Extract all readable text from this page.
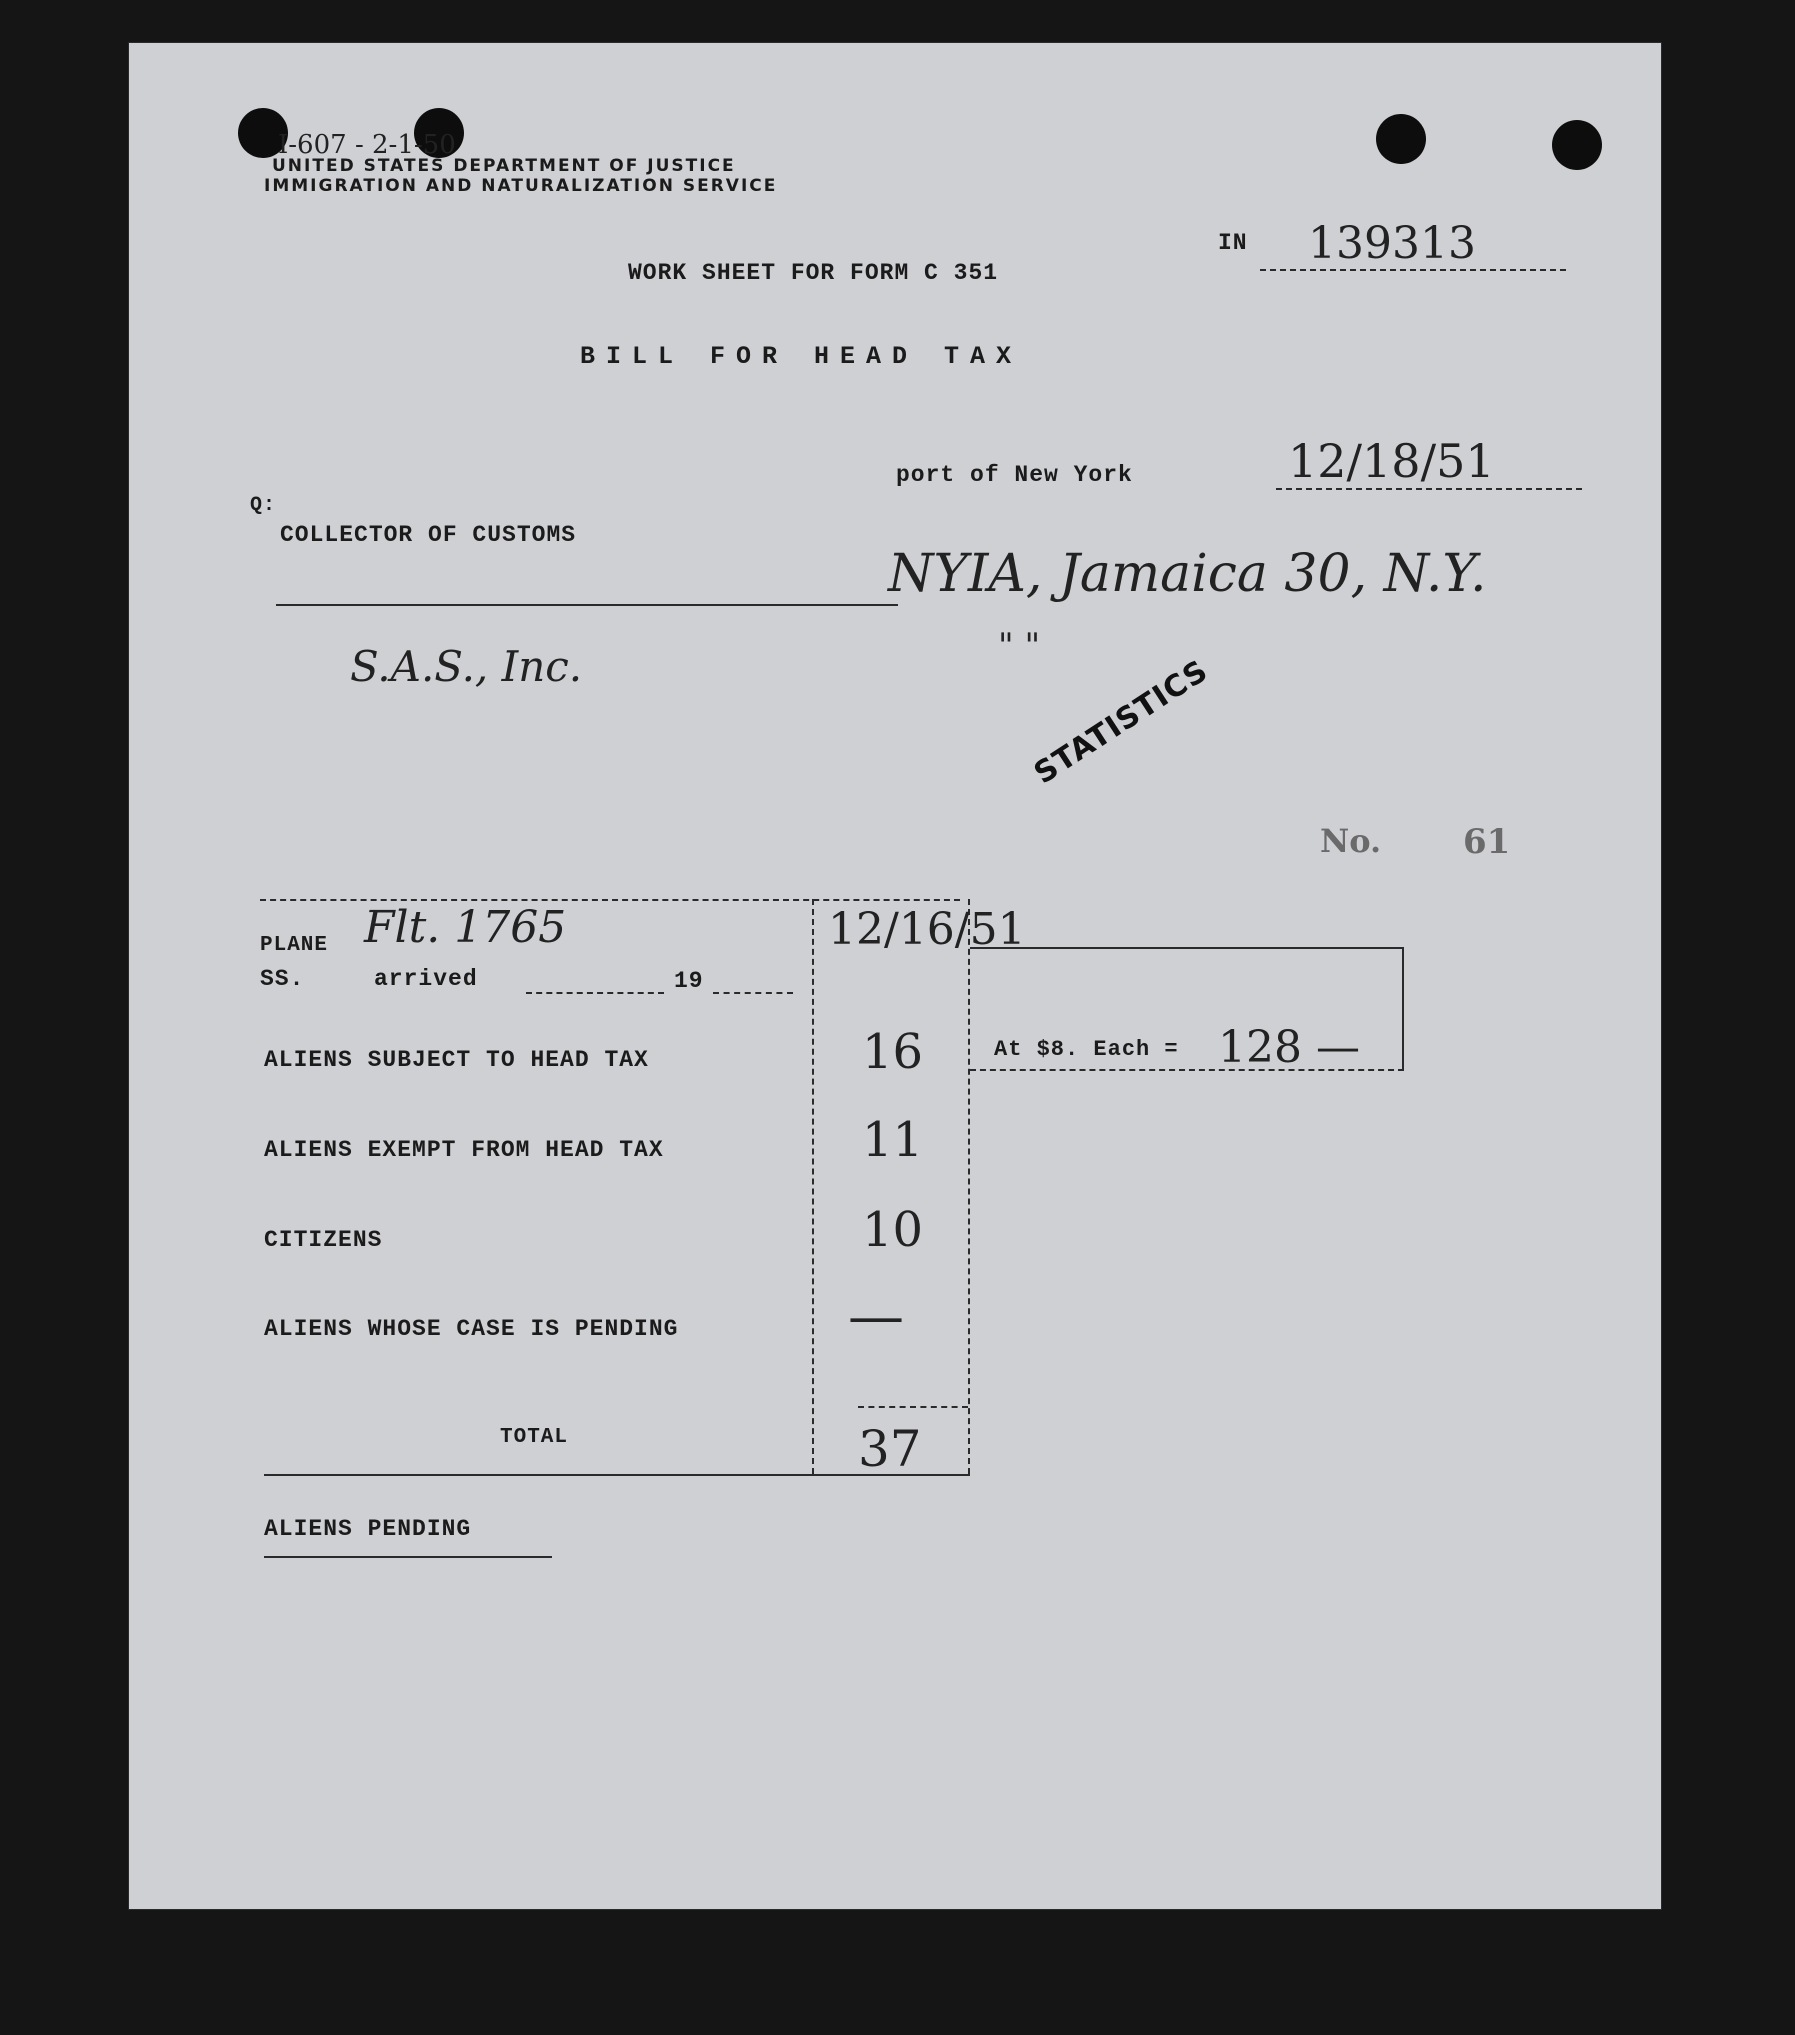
I-607 - 2-1-50
UNITED STATES DEPARTMENT OF JUSTICE
IMMIGRATION AND NATURALIZATION SERVICE
IN 139313
WORK SHEET FOR FORM C 351
BILL FOR HEAD TAX
port of New York	12/18/51
Q:
COLLECTOR OF CUSTOMS
NYIA, Jamaica 30, N.Y.
S.A.S., Inc.	" "
STATISTICS
No. 61
PLANE Flt. 1765
SS.	arrived	19
12/16/51
ALIENS SUBJECT TO HEAD TAX	16
ALIENS EXEMPT FROM HEAD TAX	11
CITIZENS	10
ALIENS WHOSE CASE IS PENDING	—
TOTAL	37
At $8. Each = 128 —
ALIENS PENDING
